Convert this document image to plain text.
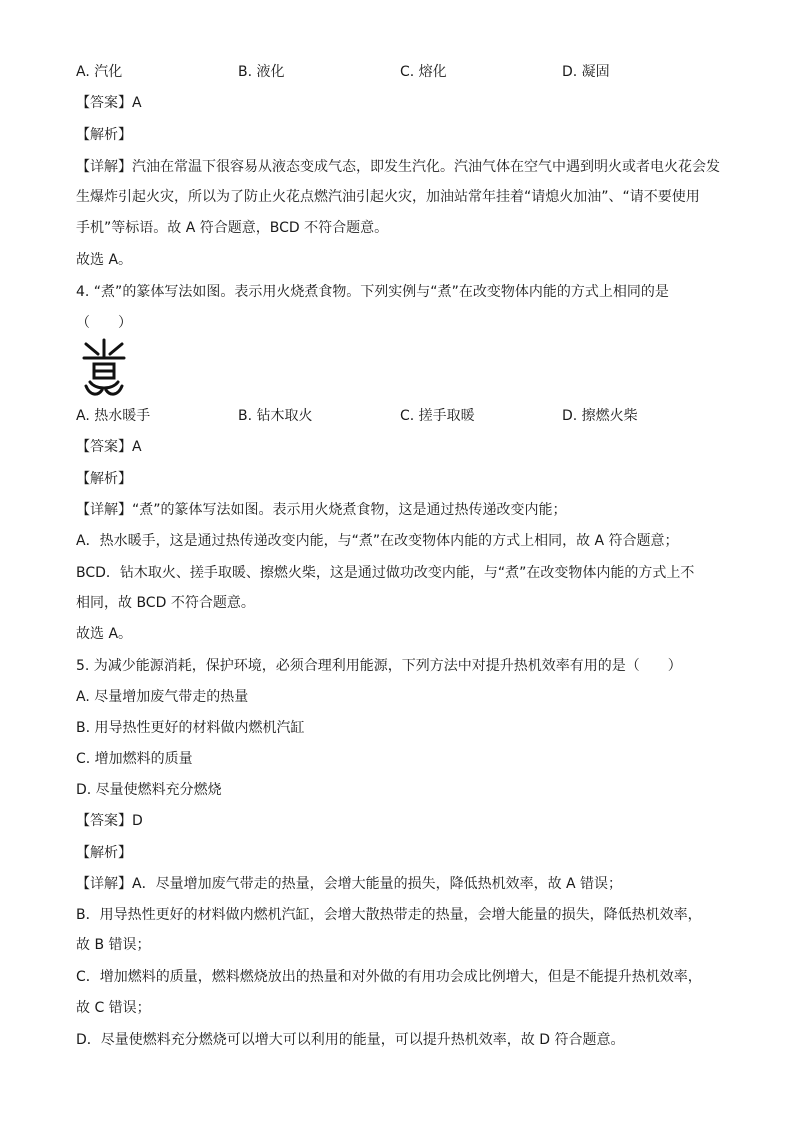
A. 汽化	B. 液化	C. 熔化	D. 凝固
【答案】A
【解析】
【详解】汽油在常温下很容易从液态变成气态，即发生汽化。汽油气体在空气中遇到明火或者电火花会发
生爆炸引起火灾，所以为了防止火花点燃汽油引起火灾，加油站常年挂着“请熄火加油”、“请不要使用
手机”等标语。故 A 符合题意，BCD 不符合题意。
故选 A。
4. “煮”的篆体写法如图。表示用火烧煮食物。下列实例与“煮”在改变物体内能的方式上相同的是
（　　）
A. 热水暖手	B. 钻木取火	C. 搓手取暖	D. 擦燃火柴
【答案】A
【解析】
【详解】“煮”的篆体写法如图。表示用火烧煮食物，这是通过热传递改变内能；
A．热水暖手，这是通过热传递改变内能，与“煮”在改变物体内能的方式上相同，故 A 符合题意；
BCD．钻木取火、搓手取暖、擦燃火柴，这是通过做功改变内能，与“煮”在改变物体内能的方式上不
相同，故 BCD 不符合题意。
故选 A。
5. 为减少能源消耗，保护环境，必须合理利用能源，下列方法中对提升热机效率有用的是（　　）
A. 尽量增加废气带走的热量
B. 用导热性更好的材料做内燃机汽缸
C. 增加燃料的质量
D. 尽量使燃料充分燃烧
【答案】D
【解析】
【详解】A．尽量增加废气带走的热量，会增大能量的损失，降低热机效率，故 A 错误；
B．用导热性更好的材料做内燃机汽缸，会增大散热带走的热量，会增大能量的损失，降低热机效率，
故 B 错误；
C．增加燃料的质量，燃料燃烧放出的热量和对外做的有用功会成比例增大，但是不能提升热机效率，
故 C 错误；
D．尽量使燃料充分燃烧可以增大可以利用的能量，可以提升热机效率，故 D 符合题意。
